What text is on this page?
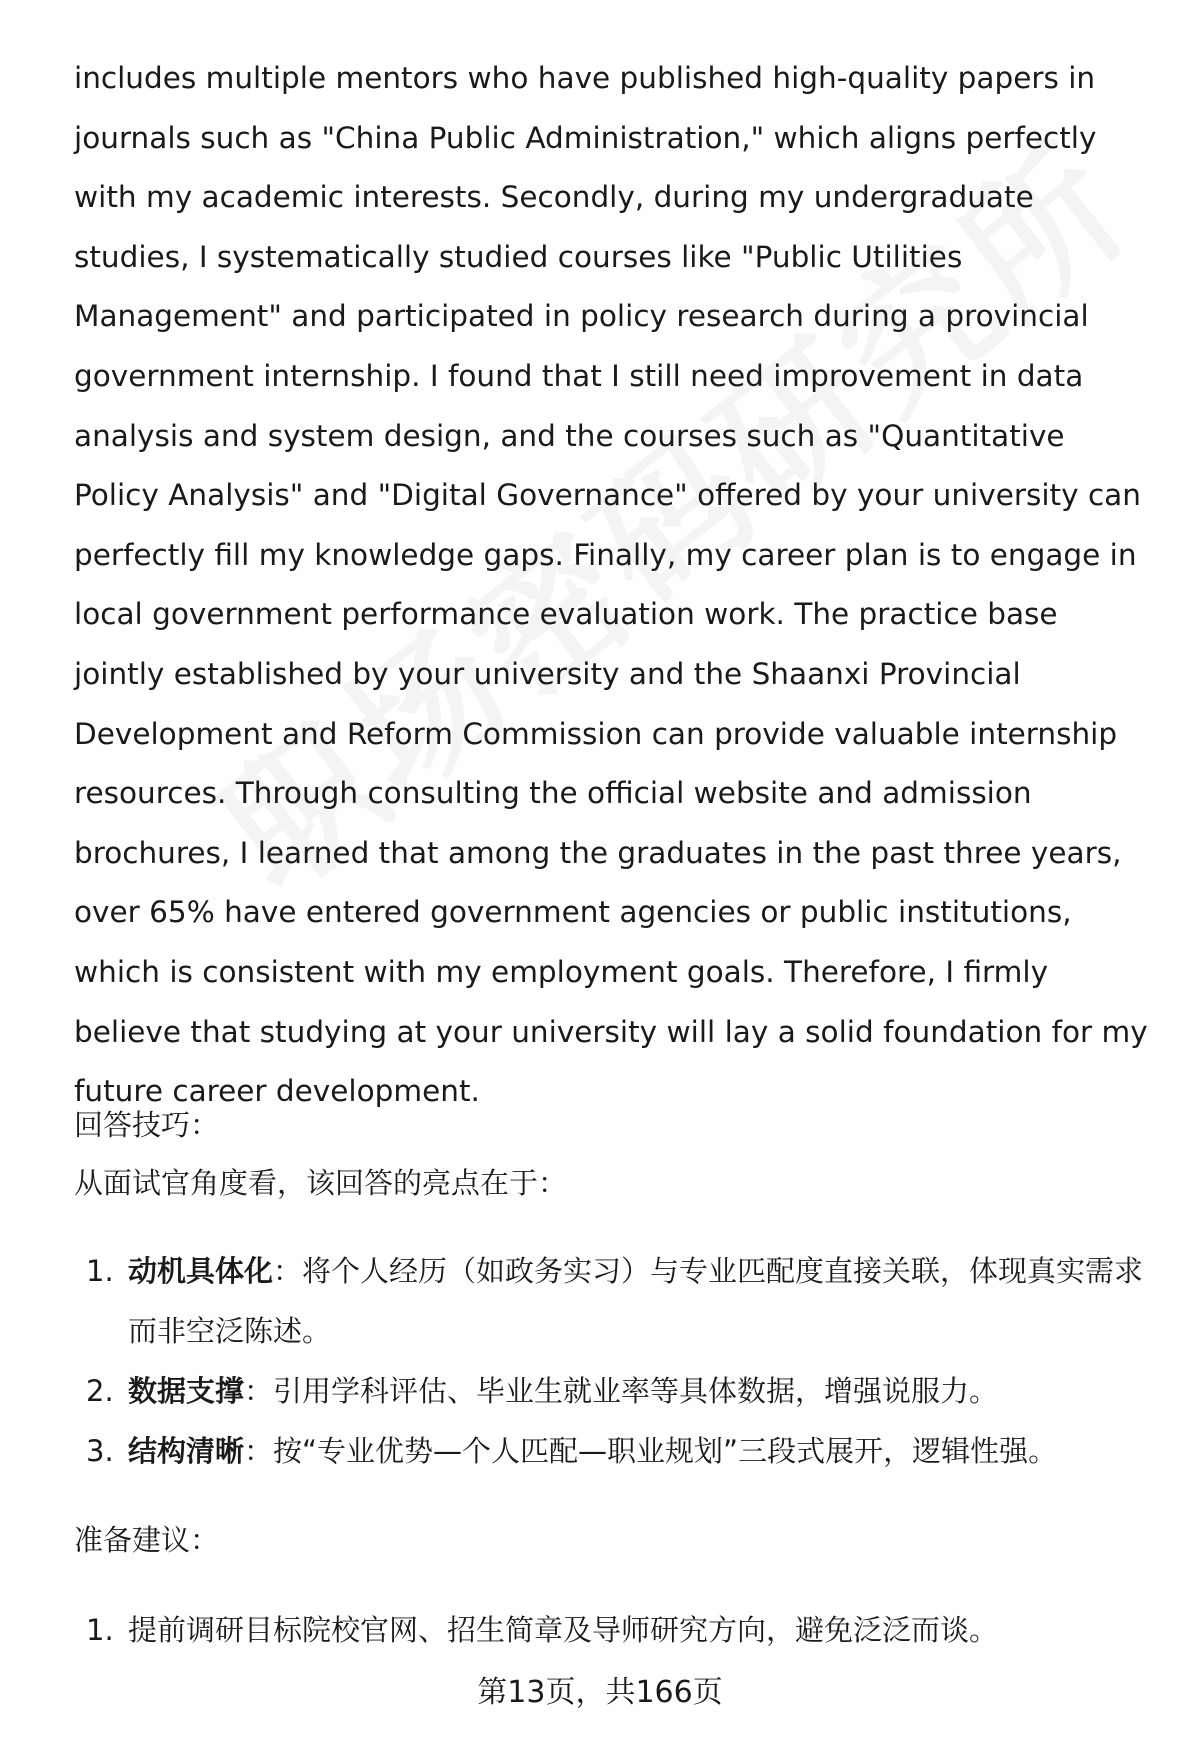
includes multiple mentors who have published high-quality papers in journals such as "China Public Administration," which aligns perfectly with my academic interests. Secondly, during my undergraduate studies, I systematically studied courses like "Public Utilities Management" and participated in policy research during a provincial government internship. I found that I still need improvement in data analysis and system design, and the courses such as "Quantitative Policy Analysis" and "Digital Governance" offered by your university can perfectly fill my knowledge gaps. Finally, my career plan is to engage in local government performance evaluation work. The practice base jointly established by your university and the Shaanxi Provincial Development and Reform Commission can provide valuable internship resources. Through consulting the official website and admission brochures, I learned that among the graduates in the past three years, over 65% have entered government agencies or public institutions, which is consistent with my employment goals. Therefore, I firmly believe that studying at your university will lay a solid foundation for my future career development.

回答技巧：
从面试官角度看，该回答的亮点在于：
1. 动机具体化：将个人经历（如政务实习）与专业匹配度直接关联，体现真实需求而非空泛陈述。
2. 数据支撑：引用学科评估、毕业生就业率等具体数据，增强说服力。
3. 结构清晰：按“专业优势—个人匹配—职业规划”三段式展开，逻辑性强。
准备建议：
1. 提前调研目标院校官网、招生简章及导师研究方向，避免泛泛而谈。
第13页，共166页
